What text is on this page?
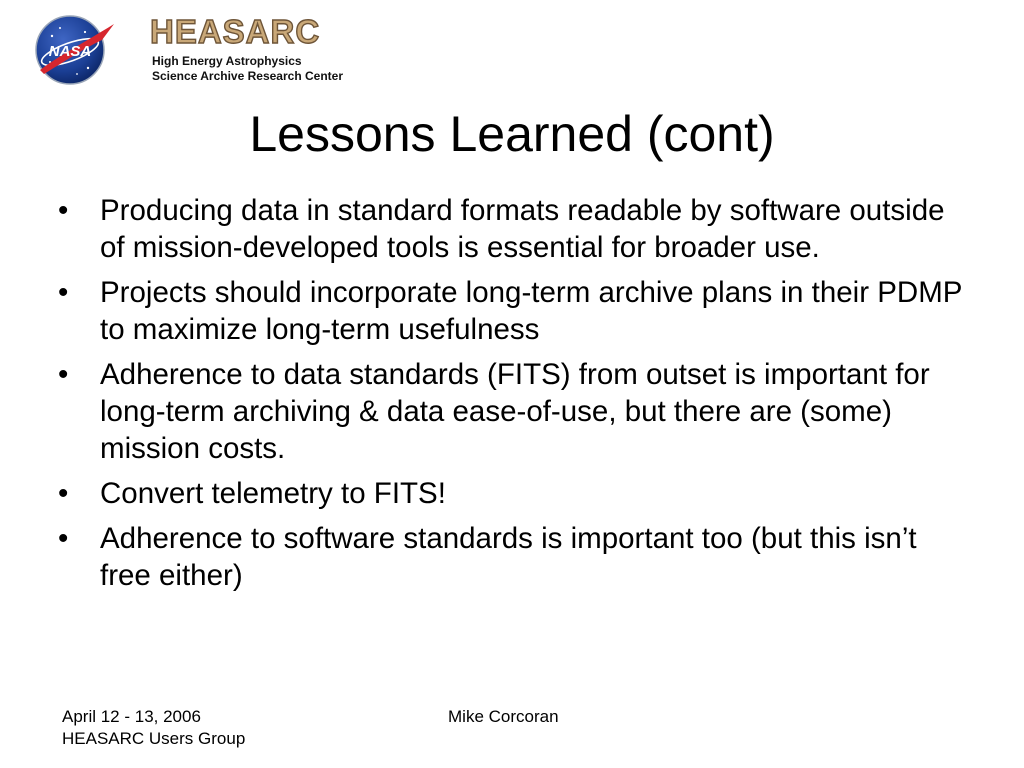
NASA
HEASARC
High Energy Astrophysics
Science Archive Research Center
Lessons Learned (cont)
•	Producing data in standard formats readable by software outside of mission-developed tools is essential for broader use.
•	Projects should incorporate long-term archive plans in their PDMP to maximize long-term usefulness
•	Adherence to data standards (FITS) from outset is important for long-term archiving & data ease-of-use, but there are (some) mission costs.
•	Convert telemetry to FITS!
•	Adherence to software standards is important too (but this isn’t free either)
April 12 - 13, 2006
HEASARC Users Group
Mike Corcoran
